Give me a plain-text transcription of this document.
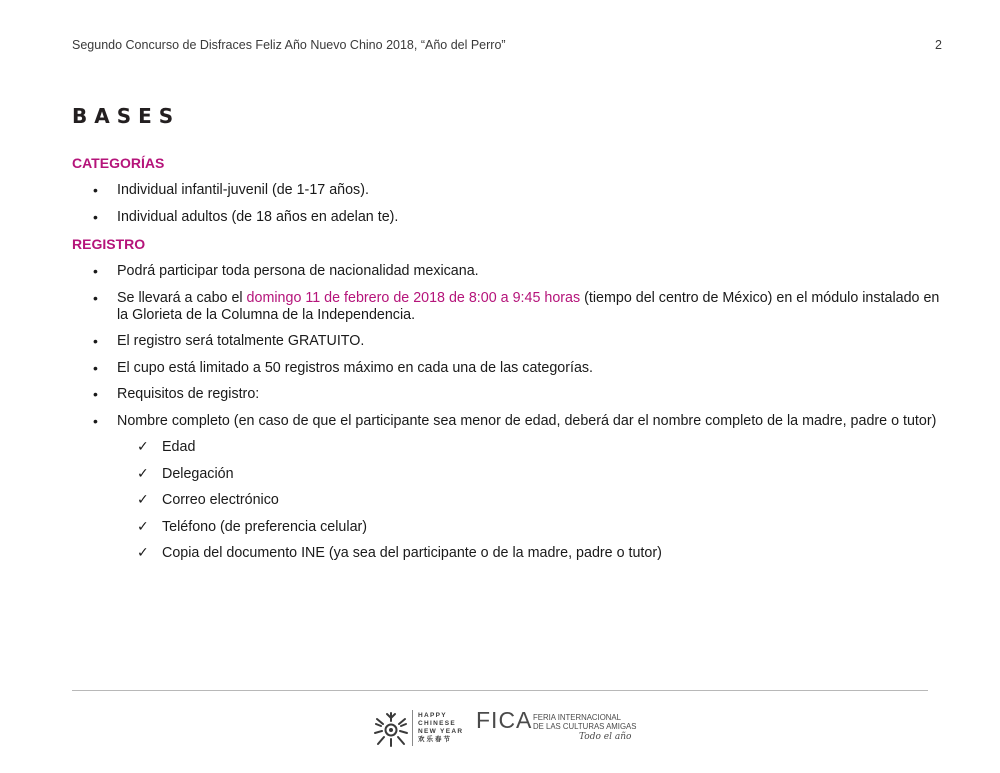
Segundo Concurso de Disfraces Feliz Año Nuevo Chino 2018, “Año del Perro”	2
BASES
CATEGORÍAS
• Individual infantil-juvenil (de 1-17 años).
• Individual adultos (de 18 años en adelan te).
REGISTRO
• Podrá participar toda persona de nacionalidad mexicana.
• Se llevará a cabo el domingo 11 de febrero de 2018 de 8:00 a 9:45 horas (tiempo del centro de México) en el módulo instalado en la Glorieta de la Columna de la Independencia.
• El registro será totalmente GRATUITO.
• El cupo está limitado a 50 registros máximo en cada una de las categorías.
• Requisitos de registro:
• Nombre completo (en caso de que el participante sea menor de edad, deberá dar el nombre completo de la madre, padre o tutor)
✓ Edad
✓ Delegación
✓ Correo electrónico
✓ Teléfono (de preferencia celular)
✓ Copia del documento INE (ya sea del participante o de la madre, padre o tutor)
HAPPY
CHINESE
NEW YEAR
欢乐春节
FICA FERIA INTERNACIONAL
DE LAS CULTURAS AMIGAS
Todo el año
